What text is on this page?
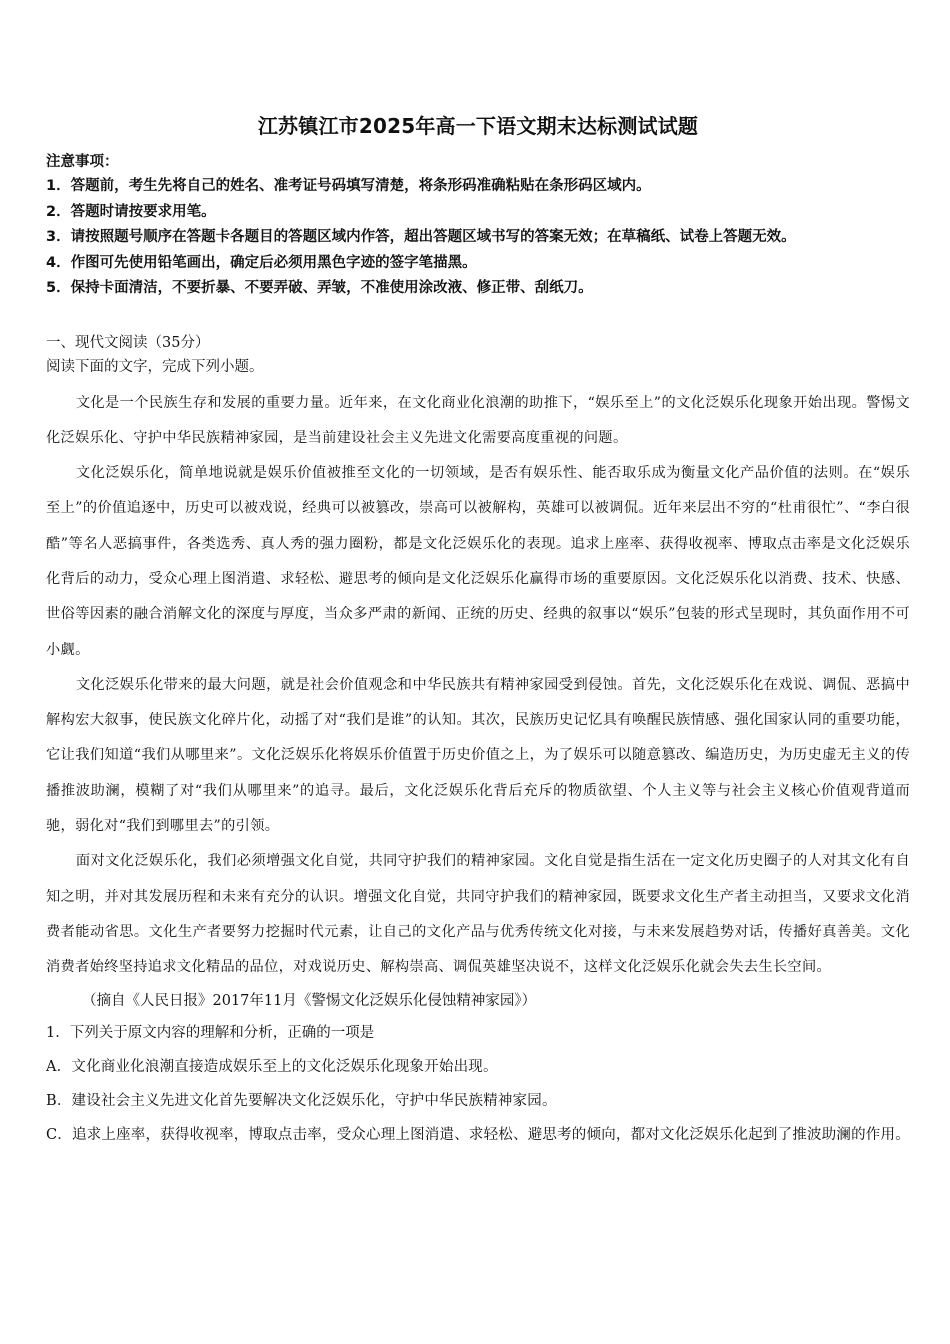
江苏镇江市2025年高一下语文期末达标测试试题
注意事项：
1．答题前，考生先将自己的姓名、准考证号码填写清楚，将条形码准确粘贴在条形码区域内。
2．答题时请按要求用笔。
3．请按照题号顺序在答题卡各题目的答题区域内作答，超出答题区域书写的答案无效；在草稿纸、试卷上答题无效。
4．作图可先使用铅笔画出，确定后必须用黑色字迹的签字笔描黑。
5．保持卡面清洁，不要折暴、不要弄破、弄皱，不准使用涂改液、修正带、刮纸刀。
一、现代文阅读（35分）
阅读下面的文字，完成下列小题。

文化是一个民族生存和发展的重要力量。近年来，在文化商业化浪潮的助推下，“娱乐至上”的文化泛娱乐化现象开始出现。警惕文化泛娱乐化、守护中华民族精神家园，是当前建设社会主义先进文化需要高度重视的问题。

文化泛娱乐化，简单地说就是娱乐价值被推至文化的一切领域，是否有娱乐性、能否取乐成为衡量文化产品价值的法则。在“娱乐至上”的价值追逐中，历史可以被戏说，经典可以被篡改，崇高可以被解构，英雄可以被调侃。近年来层出不穷的“杜甫很忙”、“李白很酷”等名人恶搞事件，各类选秀、真人秀的强力圈粉，都是文化泛娱乐化的表现。追求上座率、获得收视率、博取点击率是文化泛娱乐化背后的动力，受众心理上图消遣、求轻松、避思考的倾向是文化泛娱乐化赢得市场的重要原因。文化泛娱乐化以消费、技术、快感、世俗等因素的融合消解文化的深度与厚度，当众多严肃的新闻、正统的历史、经典的叙事以“娱乐”包装的形式呈现时，其负面作用不可小觑。

文化泛娱乐化带来的最大问题，就是社会价值观念和中华民族共有精神家园受到侵蚀。首先，文化泛娱乐化在戏说、调侃、恶搞中解构宏大叙事，使民族文化碎片化，动摇了对“我们是谁”的认知。其次，民族历史记忆具有唤醒民族情感、强化国家认同的重要功能，它让我们知道“我们从哪里来”。文化泛娱乐化将娱乐价值置于历史价值之上，为了娱乐可以随意篡改、编造历史，为历史虚无主义的传播推波助澜，模糊了对“我们从哪里来”的追寻。最后，文化泛娱乐化背后充斥的物质欲望、个人主义等与社会主义核心价值观背道而驰，弱化对“我们到哪里去”的引领。

面对文化泛娱乐化，我们必须增强文化自觉，共同守护我们的精神家园。文化自觉是指生活在一定文化历史圈子的人对其文化有自知之明，并对其发展历程和未来有充分的认识。增强文化自觉，共同守护我们的精神家园，既要求文化生产者主动担当，又要求文化消费者能动省思。文化生产者要努力挖掘时代元素，让自己的文化产品与优秀传统文化对接，与未来发展趋势对话，传播好真善美。文化消费者始终坚持追求文化精品的品位，对戏说历史、解构崇高、调侃英雄坚决说不，这样文化泛娱乐化就会失去生长空间。

（摘自《人民日报》2017年11月《警惕文化泛娱乐化侵蚀精神家园》）
1．下列关于原文内容的理解和分析，正确的一项是
A．文化商业化浪潮直接造成娱乐至上的文化泛娱乐化现象开始出现。
B．建设社会主义先进文化首先要解决文化泛娱乐化，守护中华民族精神家园。
C．追求上座率，获得收视率，博取点击率，受众心理上图消遣、求轻松、避思考的倾向，都对文化泛娱乐化起到了推波助澜的作用。
